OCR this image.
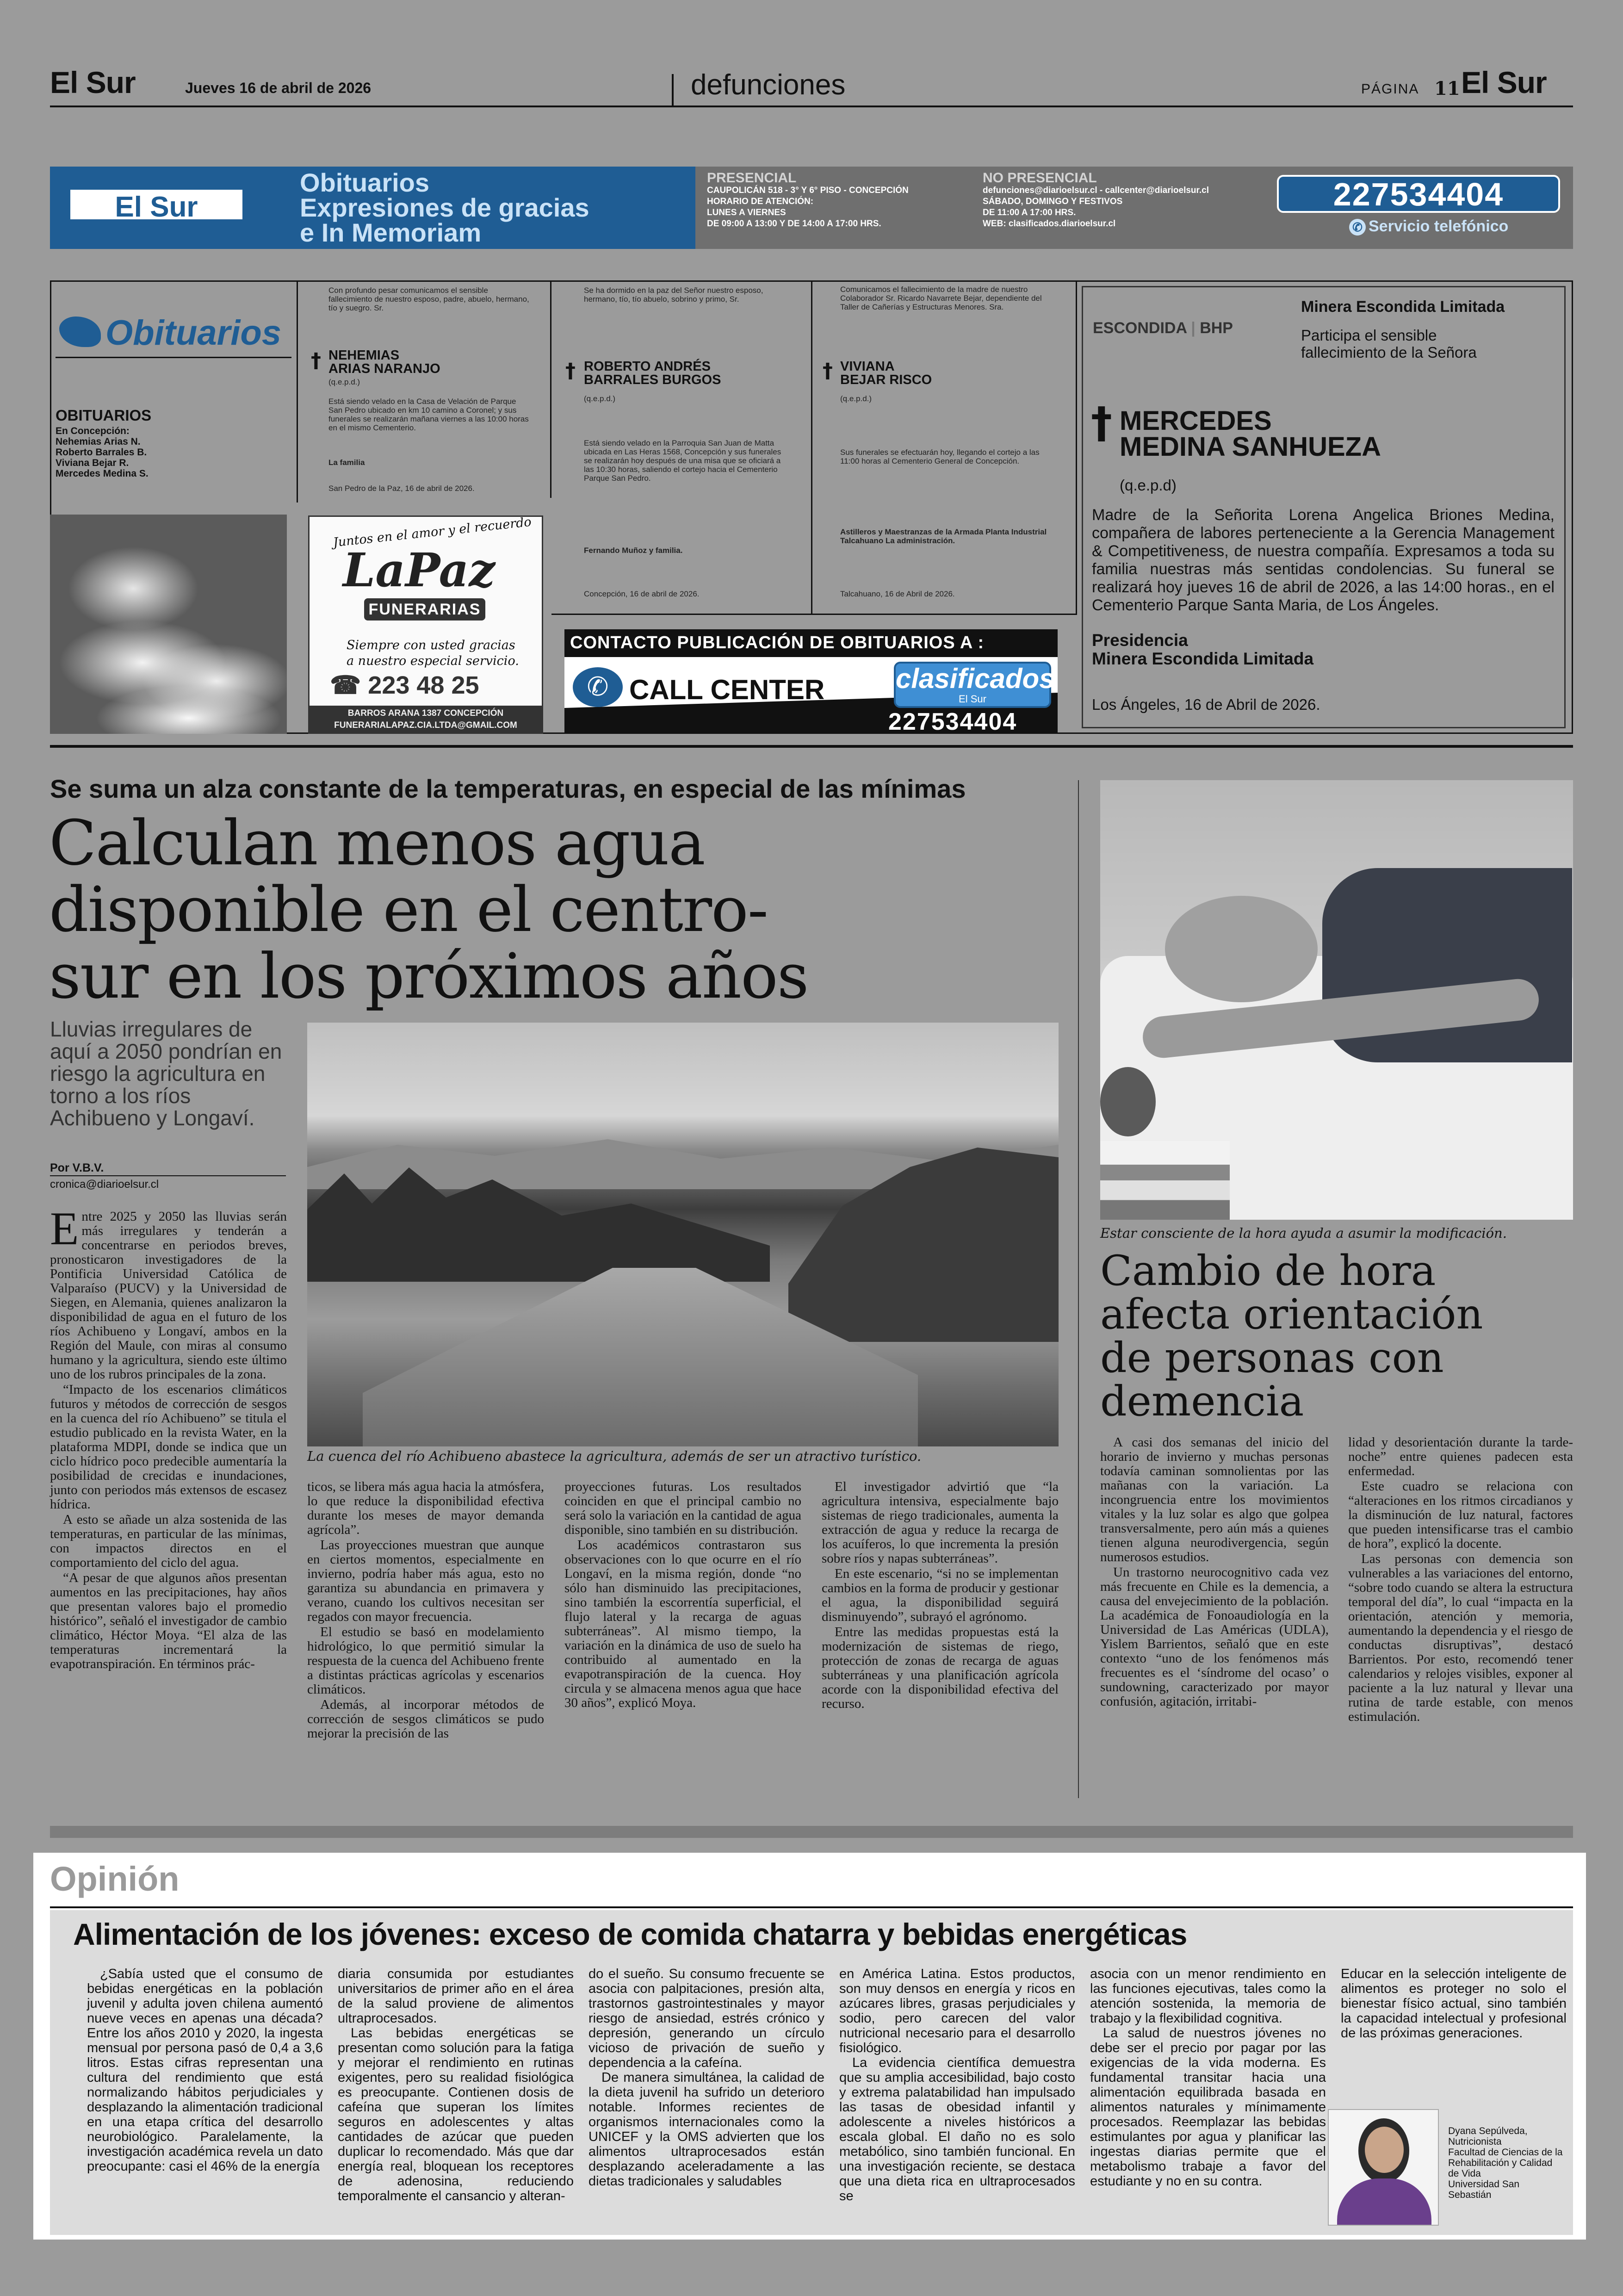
El Sur	Jueves 16 de abril de 2026	defunciones	PÁGINA 11 El Sur
El Sur
Obituarios
Expresiones de gracias
e In Memoriam
PRESENCIAL
CAUPOLICÁN 518 - 3° Y 6° PISO - CONCEPCIÓN
HORARIO DE ATENCIÓN:
LUNES A VIERNES
DE 09:00 A 13:00 Y DE 14:00 A 17:00 HRS.
NO PRESENCIAL
defunciones@diarioelsur.cl - callcenter@diarioelsur.cl
SÁBADO, DOMINGO Y FESTIVOS
DE 11:00 A 17:00 HRS.
WEB: clasificados.diarioelsur.cl
227534404
✆ Servicio telefónico
Obituarios
OBITUARIOS
En Concepción:
Nehemias Arias N.
Roberto Barrales B.
Viviana Bejar R.
Mercedes Medina S.
Con profundo pesar comunicamos el sensible fallecimiento de nuestro esposo, padre, abuelo, hermano, tío y suegro. Sr.
† NEHEMIAS
ARIAS NARANJO
(q.e.p.d.)
Está siendo velado en la Casa de Velación de Parque San Pedro ubicado en km 10 camino a Coronel; y sus funerales se realizarán mañana viernes a las 10:00 horas en el mismo Cementerio.
La familia
San Pedro de la Paz, 16 de abril de 2026.
Se ha dormido en la paz del Señor nuestro esposo, hermano, tío, tío abuelo, sobrino y primo, Sr.
† ROBERTO ANDRÉS
BARRALES BURGOS
(q.e.p.d.)
Está siendo velado en la Parroquia San Juan de Matta ubicada en Las Heras 1568, Concepción y sus funerales se realizarán hoy después de una misa que se oficiará a las 10:30 horas, saliendo el cortejo hacia el Cementerio Parque San Pedro.
Fernando Muñoz y familia.
Concepción, 16 de abril de 2026.
Comunicamos el fallecimiento de la madre de nuestro Colaborador Sr. Ricardo Navarrete Bejar, dependiente del Taller de Cañerías y Estructuras Menores. Sra.
† VIVIANA
BEJAR RISCO
(q.e.p.d.)
Sus funerales se efectuarán hoy, llegando el cortejo a las 11:00 horas al Cementerio General de Concepción.
Astilleros y Maestranzas de la Armada Planta Industrial Talcahuano La administración.
Talcahuano, 16 de Abril de 2026.
Juntos en el amor y el recuerdo
LaPaz
FUNERARIAS
Siempre con usted gracias
a nuestro especial servicio.
☎ 223 48 25
BARROS ARANA 1387 CONCEPCIÓN
FUNERARIALAPAZ.CIA.LTDA@GMAIL.COM
CONTACTO PUBLICACIÓN DE OBITUARIOS A :
✆ CALL CENTER	clasificados
El Sur
227534404
ESCONDIDA | BHP
Minera Escondida Limitada
Participa el sensible fallecimiento de la Señora
† MERCEDES
MEDINA SANHUEZA
(q.e.p.d)
Madre de la Señorita Lorena Angelica Briones Medina, compañera de labores perteneciente a la Gerencia Management & Competitiveness, de nuestra compañía. Expresamos a toda su familia nuestras más sentidas condolencias. Su funeral se realizará hoy jueves 16 de abril de 2026, a las 14:00 horas., en el Cementerio Parque Santa Maria, de Los Ángeles.
Presidencia
Minera Escondida Limitada
Los Ángeles, 16 de Abril de 2026.
Se suma un alza constante de la temperaturas, en especial de las mínimas
Calculan menos agua
disponible en el centro-
sur en los próximos años
Lluvias irregulares de aquí a 2050 pondrían en riesgo la agricultura en torno a los ríos Achibueno y Longaví.
Por V.B.V.
cronica@diarioelsur.cl
La cuenca del río Achibueno abastece la agricultura, además de ser un atractivo turístico.

Entre 2025 y 2050 las lluvias serán más irregulares y tenderán a concentrarse en periodos breves, pronosticaron investigadores de la Pontificia Universidad Católica de Valparaíso (PUCV) y la Universidad de Siegen, en Alemania, quienes analizaron la disponibilidad de agua en el futuro de los ríos Achibueno y Longaví, ambos en la Región del Maule, con miras al consumo humano y la agricultura, siendo este último uno de los rubros principales de la zona.

“Impacto de los escenarios climáticos futuros y métodos de corrección de sesgos en la cuenca del río Achibueno” se titula el estudio publicado en la revista Water, en la plataforma MDPI, donde se indica que un ciclo hídrico poco predecible aumentaría la posibilidad de crecidas e inundaciones, junto con periodos más extensos de escasez hídrica.

A esto se añade un alza sostenida de las temperaturas, en particular de las mínimas, con impactos directos en el comportamiento del ciclo del agua.

“A pesar de que algunos años presentan aumentos en las precipitaciones, hay años que presentan valores bajo el promedio histórico”, señaló el investigador de cambio climático, Héctor Moya. “El alza de las temperaturas incrementará la evapotranspiración. En términos prác-

ticos, se libera más agua hacia la atmósfera, lo que reduce la disponibilidad efectiva durante los meses de mayor demanda agrícola”.

Las proyecciones muestran que aunque en ciertos momentos, especialmente en invierno, podría haber más agua, esto no garantiza su abundancia en primavera y verano, cuando los cultivos necesitan ser regados con mayor frecuencia.

El estudio se basó en modelamiento hidrológico, lo que permitió simular la respuesta de la cuenca del Achibueno frente a distintas prácticas agrícolas y escenarios climáticos.

Además, al incorporar métodos de corrección de sesgos climáticos se pudo mejorar la precisión de las

proyecciones futuras. Los resultados coinciden en que el principal cambio no será solo la variación en la cantidad de agua disponible, sino también en su distribución.

Los académicos contrastaron sus observaciones con lo que ocurre en el río Longaví, en la misma región, donde “no sólo han disminuido las precipitaciones, sino también la escorrentía superficial, el flujo lateral y la recarga de aguas subterráneas”. Al mismo tiempo, la variación en la dinámica de uso de suelo ha contribuido al aumentado en la evapotranspiración de la cuenca. Hoy circula y se almacena menos agua que hace 30 años”, explicó Moya.

El investigador advirtió que “la agricultura intensiva, especialmente bajo sistemas de riego tradicionales, aumenta la extracción de agua y reduce la recarga de los acuíferos, lo que incrementa la presión sobre ríos y napas subterráneas”.

En este escenario, “si no se implementan cambios en la forma de producir y gestionar el agua, la disponibilidad seguirá disminuyendo”, subrayó el agrónomo.

Entre las medidas propuestas está la modernización de sistemas de riego, protección de zonas de recarga de aguas subterráneas y una planificación agrícola acorde con la disponibilidad efectiva del recurso.

Estar consciente de la hora ayuda a asumir la modificación.
Cambio de hora
afecta orientación
de personas con
demencia

A casi dos semanas del inicio del horario de invierno y muchas personas todavía caminan somnolientas por las mañanas con la variación. La incongruencia entre los movimientos vitales y la luz solar es algo que golpea transversalmente, pero aún más a quienes tienen alguna neurodivergencia, según numerosos estudios.

Un trastorno neurocognitivo cada vez más frecuente en Chile es la demencia, a causa del envejecimiento de la población. La académica de Fonoaudiología en la Universidad de Las Américas (UDLA), Yislem Barrientos, señaló que en este contexto “uno de los fenómenos más frecuentes es el ‘síndrome del ocaso’ o sundowning, caracterizado por mayor confusión, agitación, irritabi-

lidad y desorientación durante la tarde-noche” entre quienes padecen esta enfermedad.

Este cuadro se relaciona con “alteraciones en los ritmos circadianos y la disminución de luz natural, factores que pueden intensificarse tras el cambio de hora”, explicó la docente.

Las personas con demencia son vulnerables a las variaciones del entorno, “sobre todo cuando se altera la estructura temporal del día”, lo cual “impacta en la orientación, atención y memoria, aumentando la dependencia y el riesgo de conductas disruptivas”, destacó Barrientos. Por esto, recomendó tener calendarios y relojes visibles, exponer al paciente a la luz natural y llevar una rutina de tarde estable, con menos estimulación.

Opinión
Alimentación de los jóvenes: exceso de comida chatarra y bebidas energéticas

¿Sabía usted que el consumo de bebidas energéticas en la población juvenil y adulta joven chilena aumentó nueve veces en apenas una década? Entre los años 2010 y 2020, la ingesta mensual por persona pasó de 0,4 a 3,6 litros. Estas cifras representan una cultura del rendimiento que está normalizando hábitos perjudiciales y desplazando la alimentación tradicional en una etapa crítica del desarrollo neurobiológico. Paralelamente, la investigación académica revela un dato preocupante: casi el 46% de la energía

diaria consumida por estudiantes universitarios de primer año en el área de la salud proviene de alimentos ultraprocesados.

Las bebidas energéticas se presentan como solución para la fatiga y mejorar el rendimiento en rutinas exigentes, pero su realidad fisiológica es preocupante. Contienen dosis de cafeína que superan los límites seguros en adolescentes y altas cantidades de azúcar que pueden duplicar lo recomendado. Más que dar energía real, bloquean los receptores de adenosina, reduciendo temporalmente el cansancio y alteran-

do el sueño. Su consumo frecuente se asocia con palpitaciones, presión alta, trastornos gastrointestinales y mayor riesgo de ansiedad, estrés crónico y depresión, generando un círculo vicioso de privación de sueño y dependencia a la cafeína.

De manera simultánea, la calidad de la dieta juvenil ha sufrido un deterioro notable. Informes recientes de organismos internacionales como la UNICEF y la OMS advierten que los alimentos ultraprocesados están desplazando aceleradamente a las dietas tradicionales y saludables

en América Latina. Estos productos, son muy densos en energía y ricos en azúcares libres, grasas perjudiciales y sodio, pero carecen del valor nutricional necesario para el desarrollo fisiológico.

La evidencia científica demuestra que su amplia accesibilidad, bajo costo y extrema palatabilidad han impulsado las tasas de obesidad infantil y adolescente a niveles históricos a escala global. El daño no es solo metabólico, sino también funcional. En una investigación reciente, se destaca que una dieta rica en ultraprocesados se

asocia con un menor rendimiento en las funciones ejecutivas, tales como la atención sostenida, la memoria de trabajo y la flexibilidad cognitiva.

La salud de nuestros jóvenes no debe ser el precio por pagar por las exigencias de la vida moderna. Es fundamental transitar hacia una alimentación equilibrada basada en alimentos naturales y mínimamente procesados. Reemplazar las bebidas estimulantes por agua y planificar las ingestas diarias permite que el metabolismo trabaje a favor del estudiante y no en su contra.

Educar en la selección inteligente de alimentos es proteger no solo el bienestar físico actual, sino también la capacidad intelectual y profesional de las próximas generaciones.

Dyana Sepúlveda,
Nutricionista
Facultad de Ciencias de la Rehabilitación y Calidad de Vida
Universidad San Sebastián
